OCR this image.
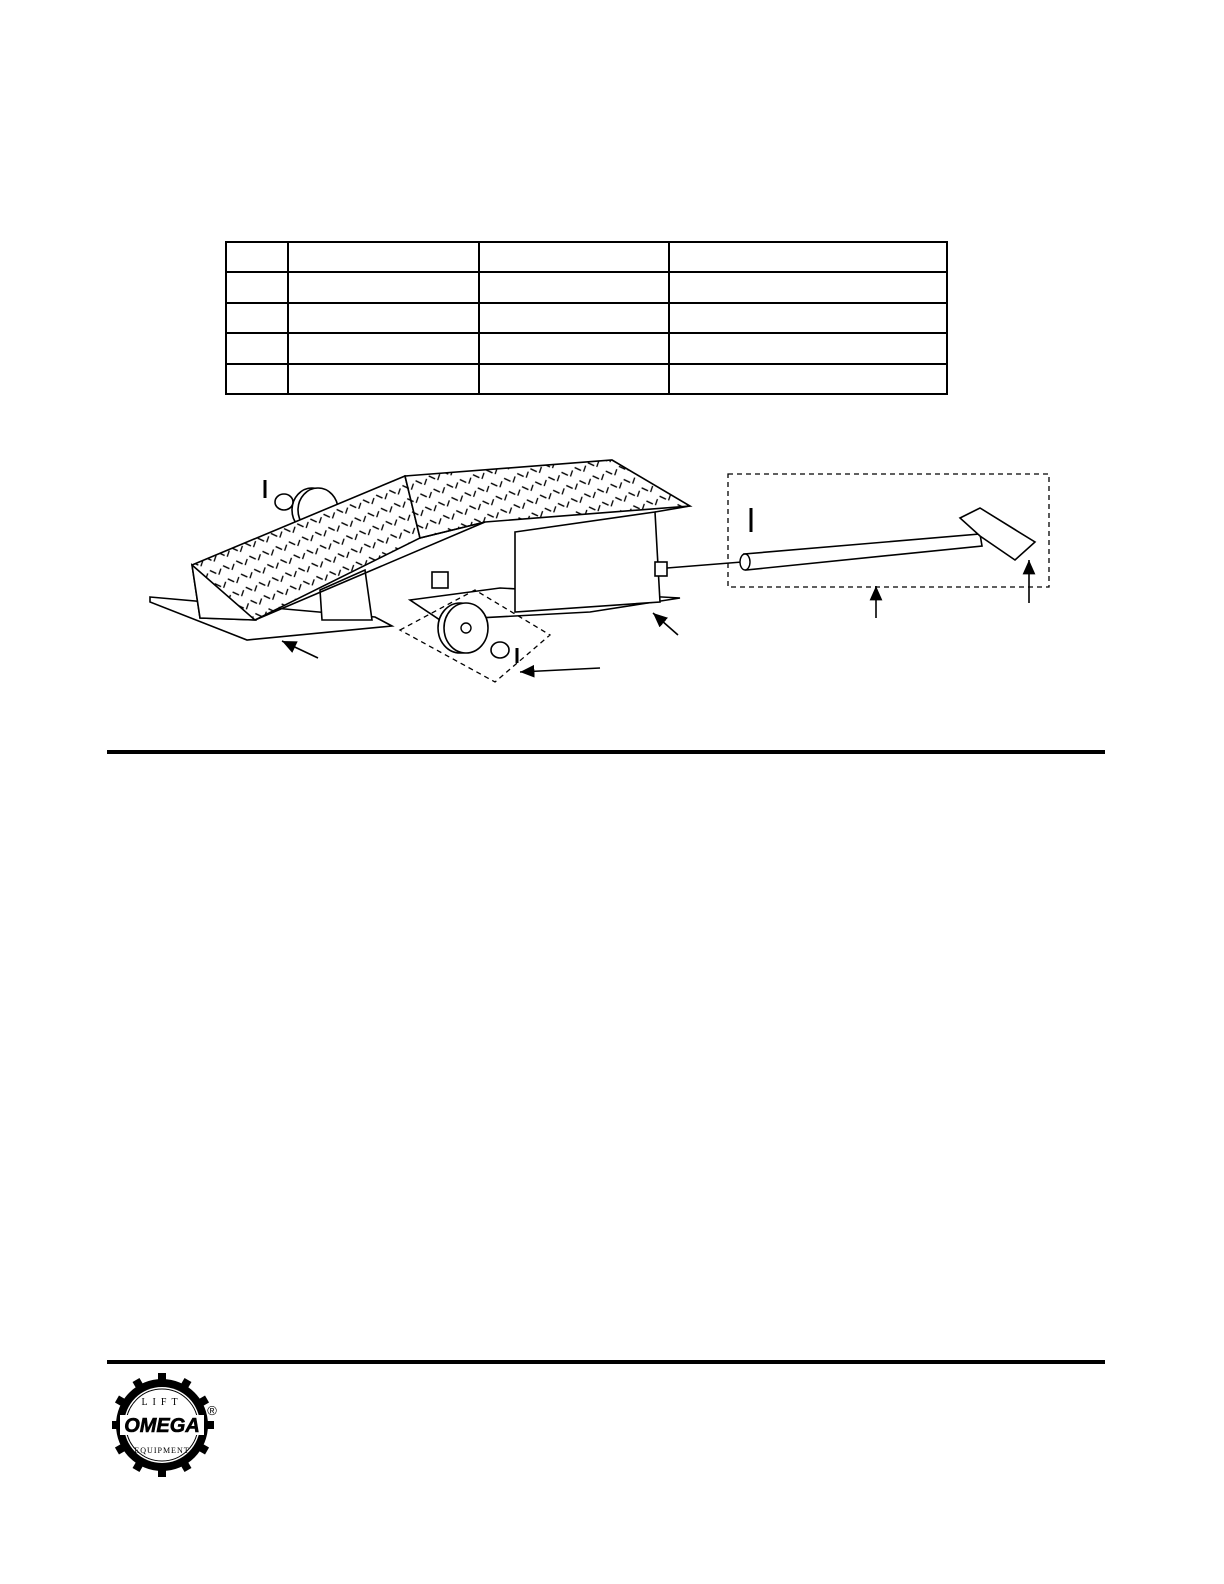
LIFT
OMEGA
EQUIPMENT
®
